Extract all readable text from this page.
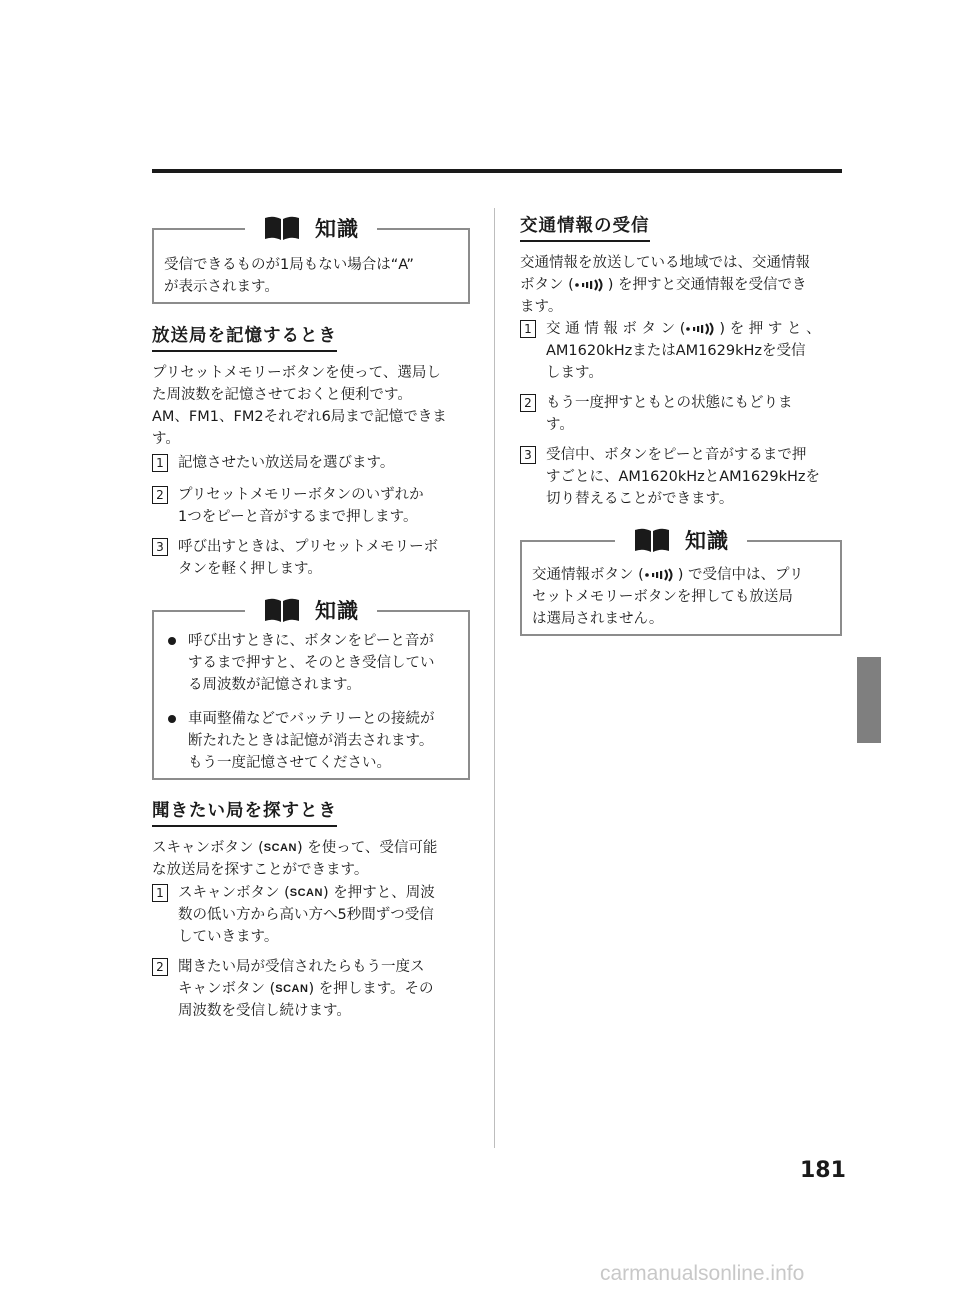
知識
受信できるものが1局もない場合は“A”
が表示されます。
放送局を記憶するとき
プリセットメモリーボタンを使って、選局し
た周波数を記憶させておくと便利です。
AM、FM1、FM2それぞれ6局まで記憶できま
す。
1 記憶させたい放送局を選びます。
2 プリセットメモリーボタンのいずれか
1つをピーと音がするまで押します。
3 呼び出すときは、プリセットメモリーボ
タンを軽く押します。
知識
呼び出すときに、ボタンをピーと音が
するまで押すと、そのとき受信してい
る周波数が記憶されます。
車両整備などでバッテリーとの接続が
断たれたときは記憶が消去されます。
もう一度記憶させてください。
聞きたい局を探すとき
スキャンボタン (SCAN) を使って、受信可能
な放送局を探すことができます。
1 スキャンボタン (SCAN) を押すと、周波
数の低い方から高い方へ5秒間ずつ受信
していきます。
2 聞きたい局が受信されたらもう一度ス
キャンボタン (SCAN) を押します。その
周波数を受信し続けます。
交通情報の受信
交通情報を放送している地域では、交通情報
ボタン ( ) を押すと交通情報を受信でき
ます。
1 交 通 情 報 ボ タ ン ( ) を 押 す と 、
AM1620kHzまたはAM1629kHzを受信
します。
2 もう一度押すともとの状態にもどりま
す。
3 受信中、ボタンをピーと音がするまで押
すごとに、AM1620kHzとAM1629kHzを
切り替えることができます。
知識
交通情報ボタン ( ) で受信中は、プリ
セットメモリーボタンを押しても放送局
は選局されません。
181
carmanualsonline.info
